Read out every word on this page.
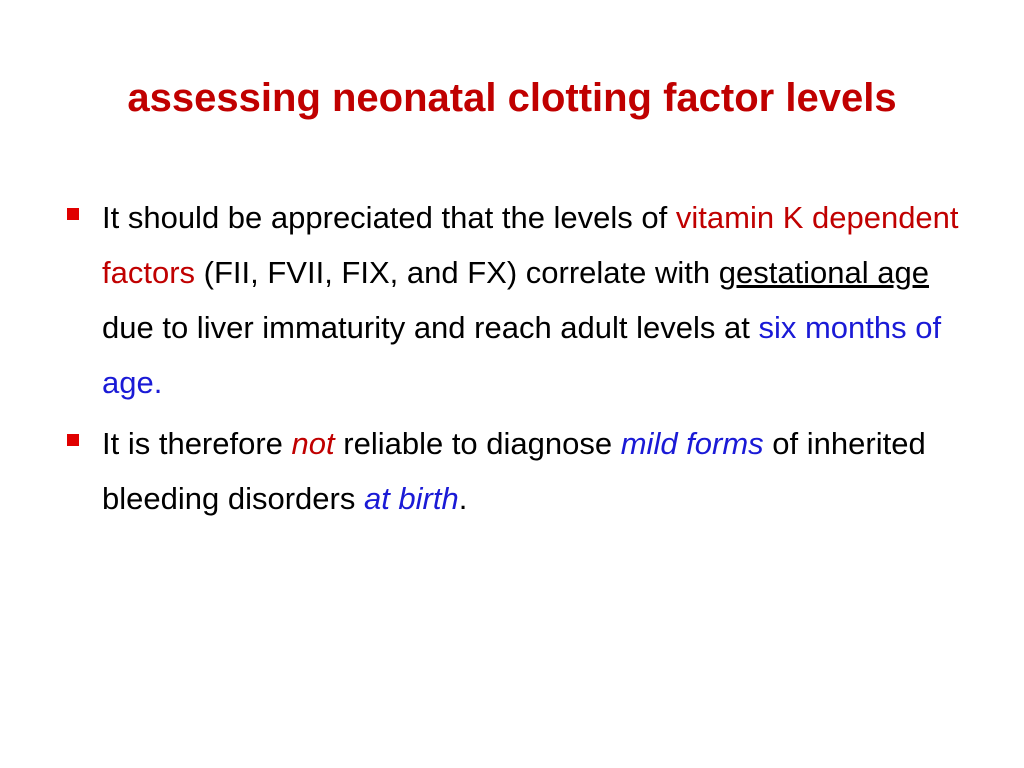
assessing neonatal clotting factor levels
It should be appreciated that the levels of vitamin K dependent factors (FII, FVII, FIX, and FX) correlate with gestational age due to liver immaturity and reach adult levels at six months of age.
It is therefore not reliable to diagnose mild forms of inherited bleeding disorders at birth.
